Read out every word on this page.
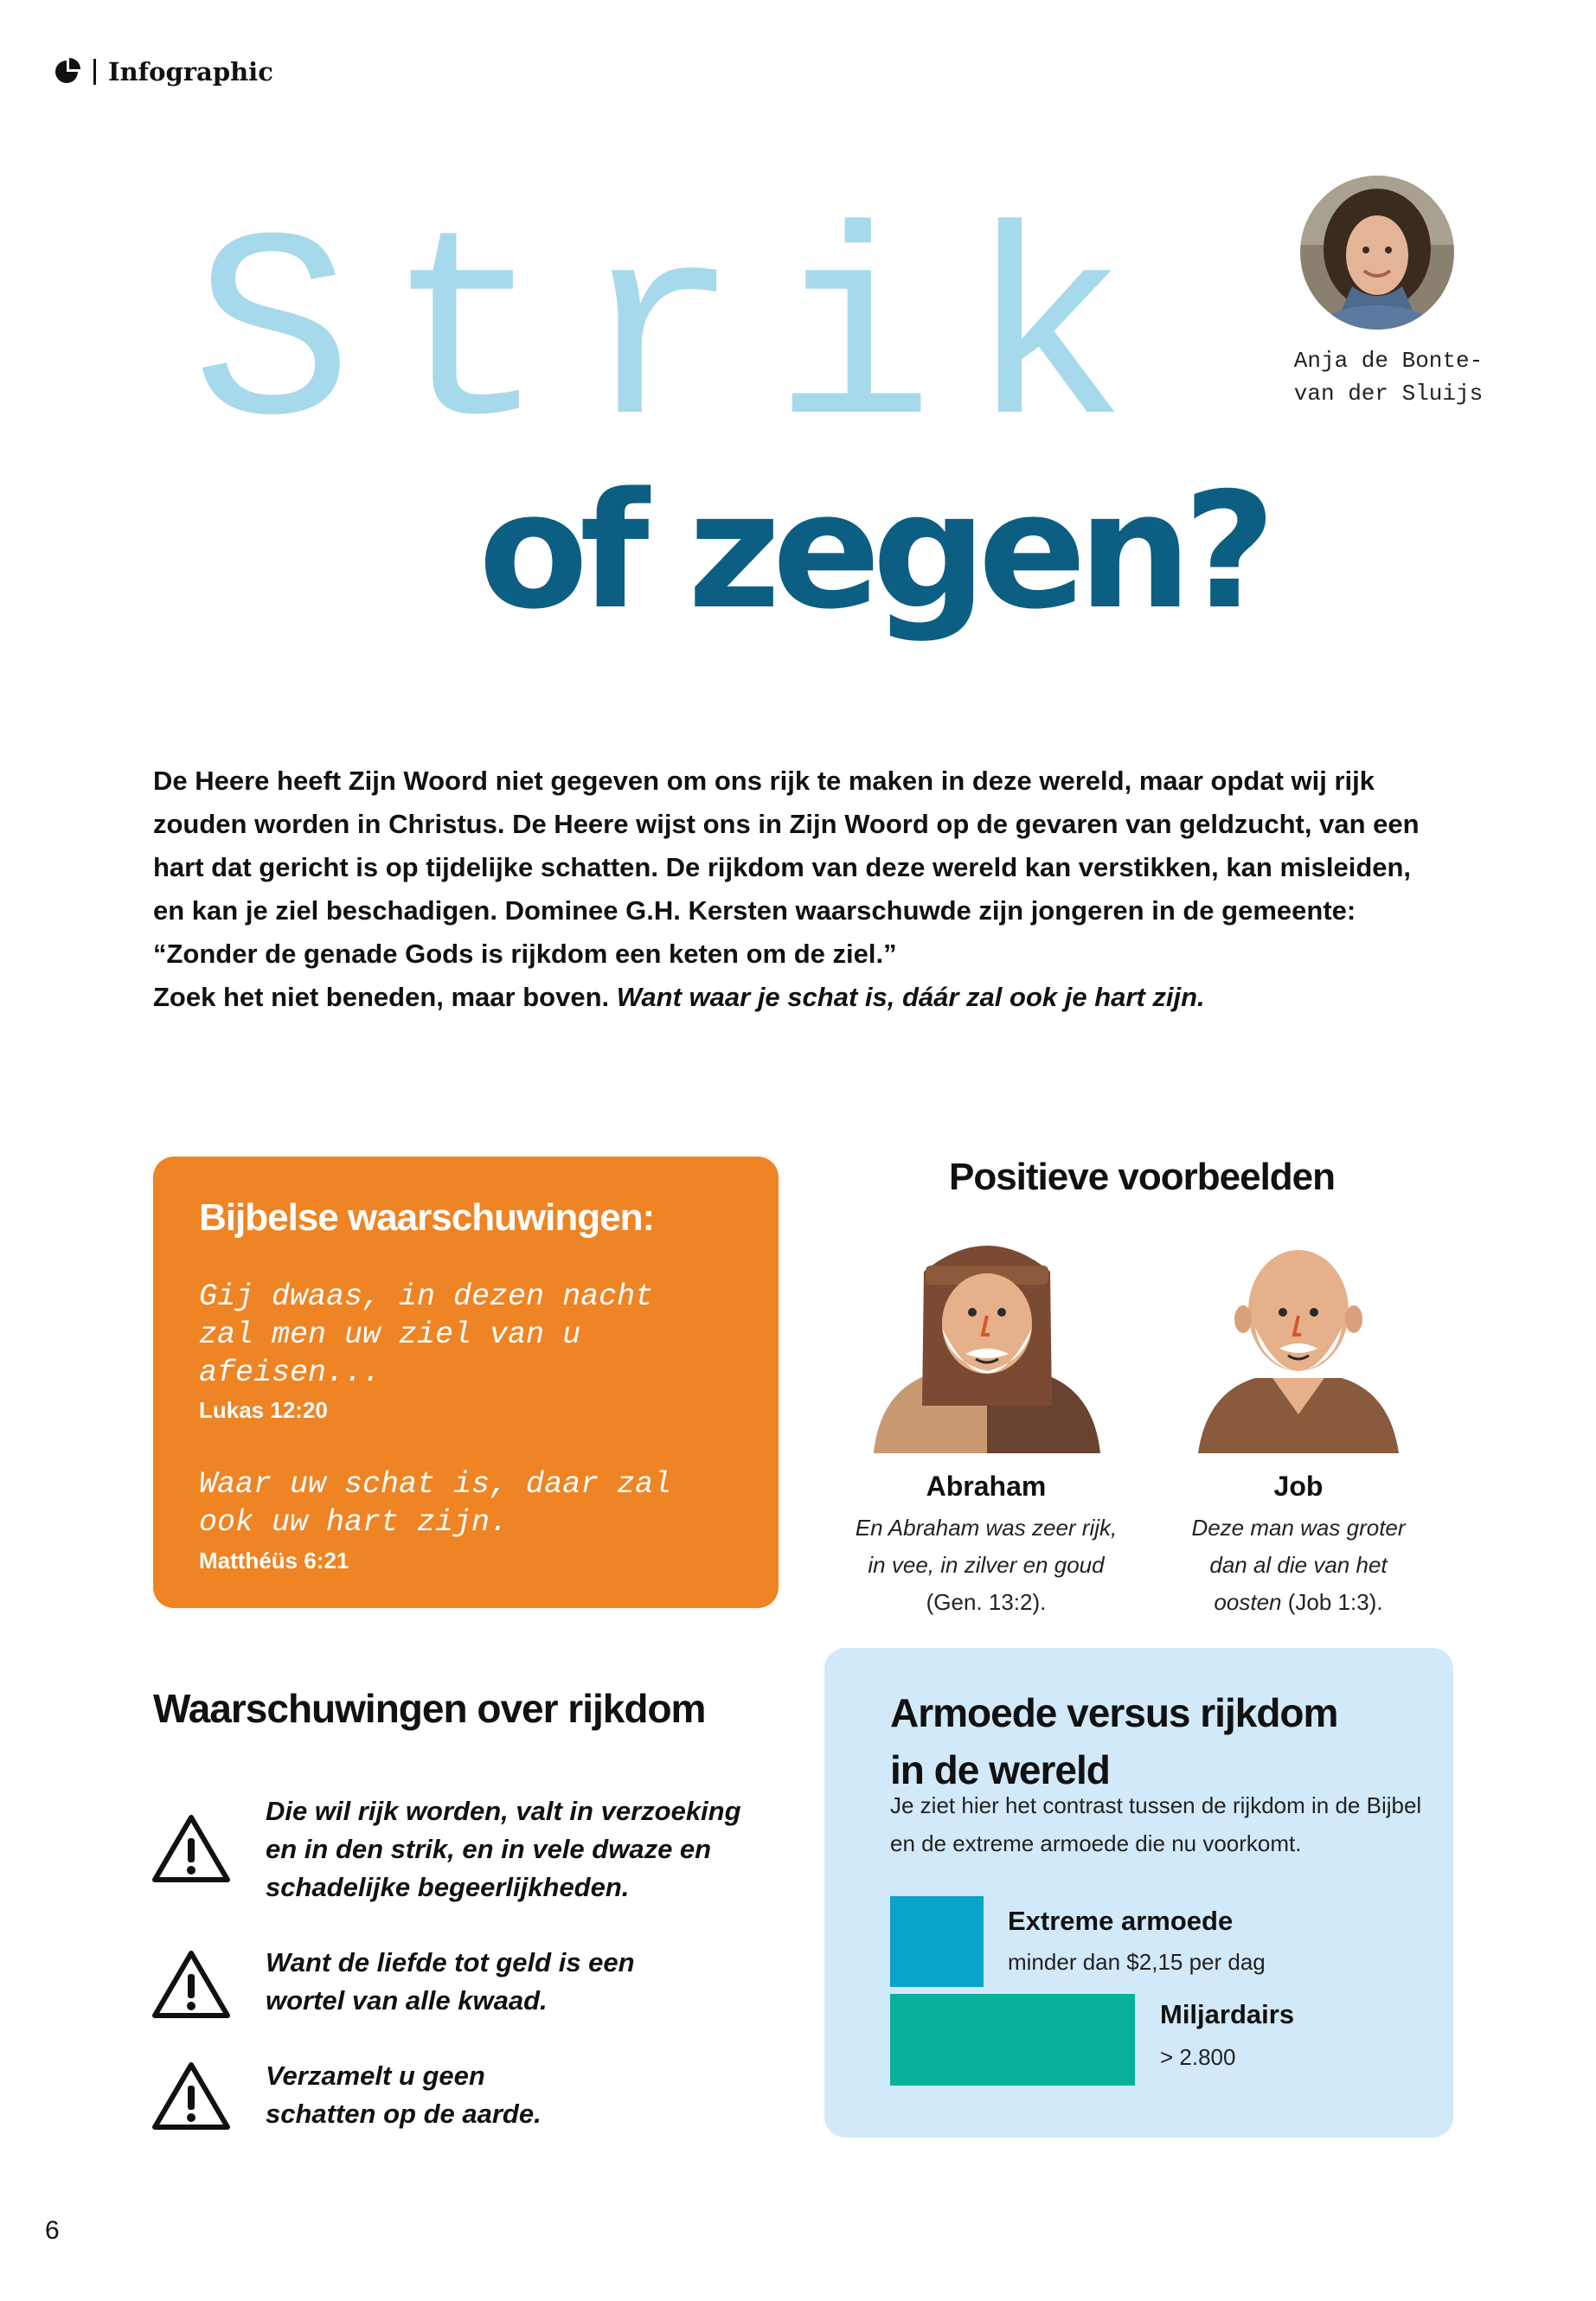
Infographic
Strik
of zegen?
Anja de Bonte-
van der Sluijs
De Heere heeft Zijn Woord niet gegeven om ons rijk te maken in deze wereld, maar opdat wij rijk zouden worden in Christus. De Heere wijst ons in Zijn Woord op de gevaren van geldzucht, van een hart dat gericht is op tijdelijke schatten. De rijkdom van deze wereld kan verstikken, kan misleiden, en kan je ziel beschadigen. Dominee G.H. Kersten waarschuwde zijn jongeren in de gemeente: “Zonder de genade Gods is rijkdom een keten om de ziel.”
Zoek het niet beneden, maar boven. Want waar je schat is, dáár zal ook je hart zijn.
Bijbelse waarschuwingen:
Gij dwaas, in dezen nacht zal men uw ziel van u afeisen...
Lukas 12:20
Waar uw schat is, daar zal ook uw hart zijn.
Matthéüs 6:21
Positieve voorbeelden
Abraham
En Abraham was zeer rijk,
in vee, in zilver en goud
(Gen. 13:2).
Job
Deze man was groter
dan al die van het
oosten (Job 1:3).
Waarschuwingen over rijkdom
Die wil rijk worden, valt in verzoeking en in den strik, en in vele dwaze en schadelijke begeerlijkheden.
Want de liefde tot geld is een wortel van alle kwaad.
Verzamelt u geen schatten op de aarde.
Armoede versus rijkdom
in de wereld
Je ziet hier het contrast tussen de rijkdom in de Bijbel en de extreme armoede die nu voorkomt.
Extreme armoede
minder dan $2,15 per dag
Miljardairs
> 2.800
6
